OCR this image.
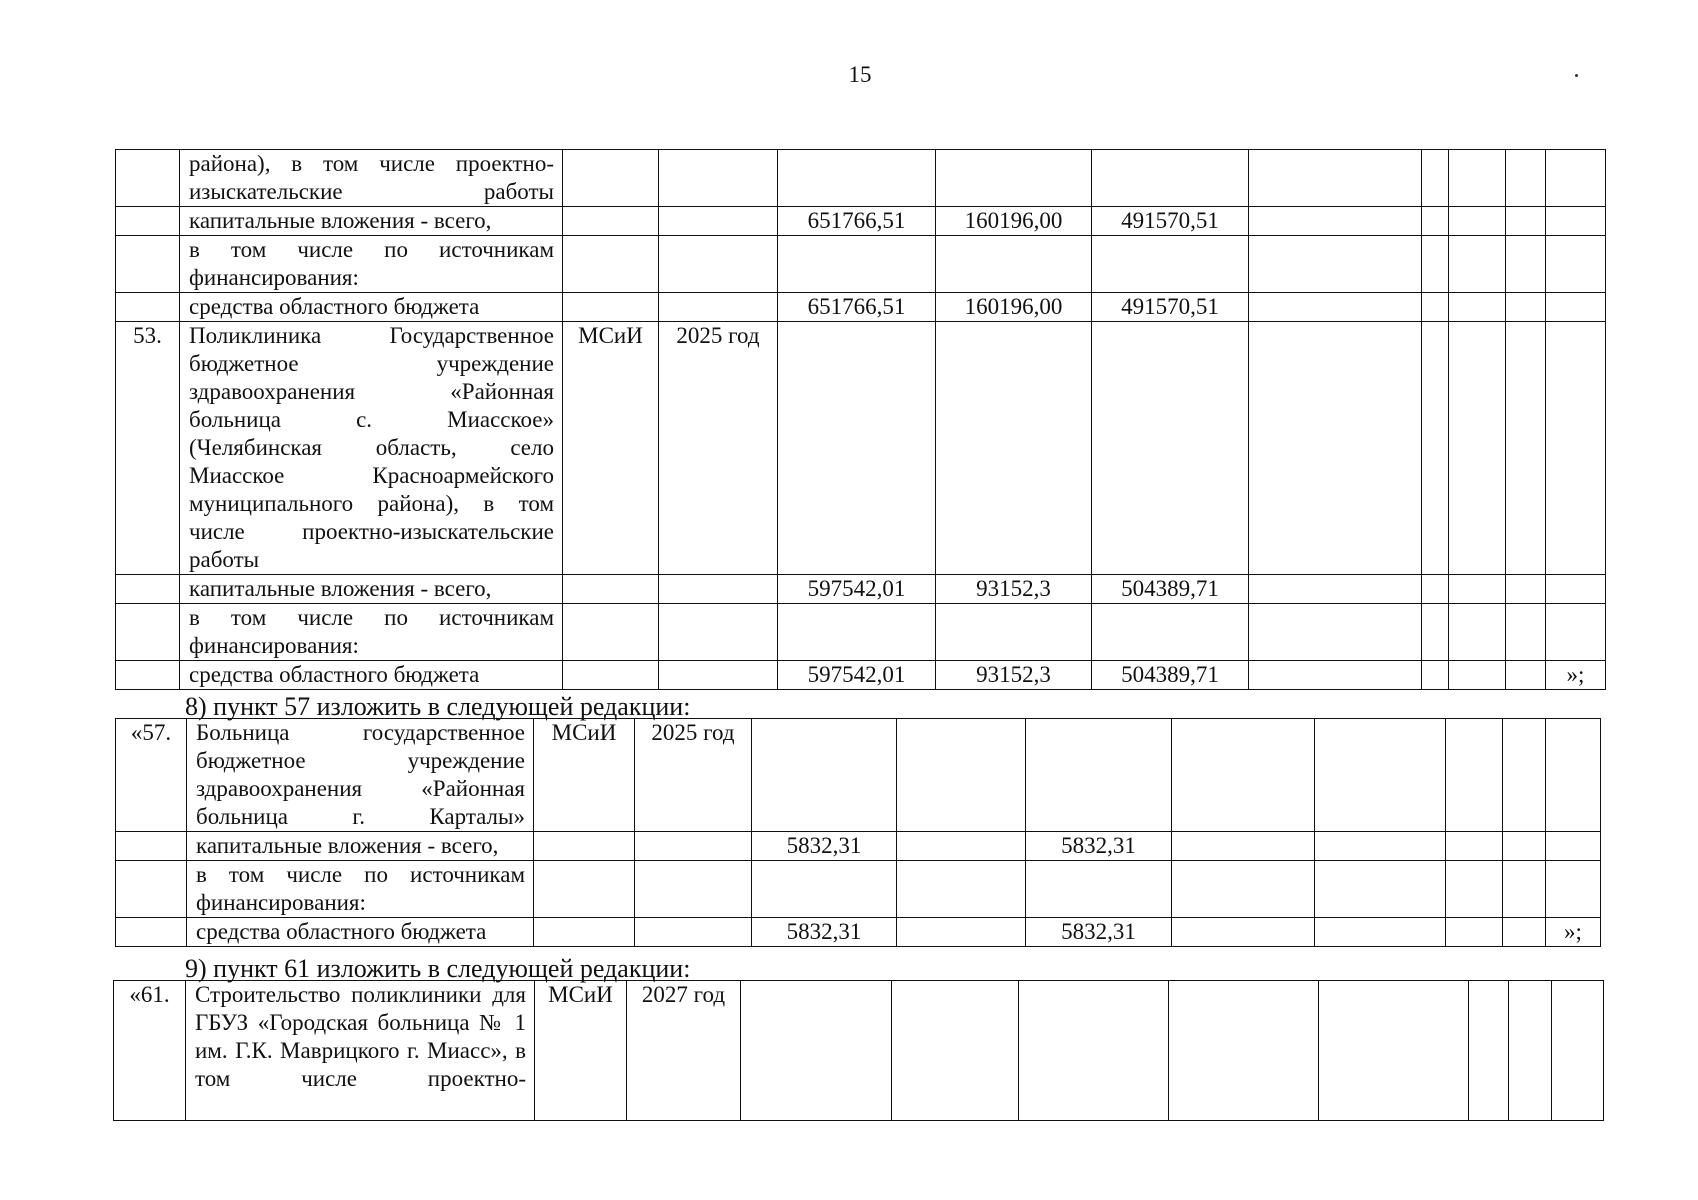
15
	района), в том числе проектно-изыскательские работы										
	капитальные вложения - всего,			651766,51	160196,00	491570,51					
	в том числе по источникам финансирования:										
	средства областного бюджета			651766,51	160196,00	491570,51					
53.	Поликлиника Государственное бюджетное учреждение здравоохранения «Районная больница с. Миасское» (Челябинская область, село Миасское Красноармейского муниципального района), в том числе проектно-изыскательские работы	МСиИ	2025 год								
	капитальные вложения - всего,			597542,01	93152,3	504389,71					
	в том числе по источникам финансирования:										
	средства областного бюджета			597542,01	93152,3	504389,71					»;
8) пункт 57 изложить в следующей редакции:
«57.	Больница государственное бюджетное учреждение здравоохранения «Районная больница г. Карталы»	МСиИ	2025 год								
	капитальные вложения - всего,			5832,31		5832,31					
	в том числе по источникам финансирования:										
	средства областного бюджета			5832,31		5832,31					»;
9) пункт 61 изложить в следующей редакции:
«61.	Строительство поликлиники для ГБУЗ «Городская больница № 1 им. Г.К. Маврицкого г. Миасс», в том числе проектно-	МСиИ	2027 год								
